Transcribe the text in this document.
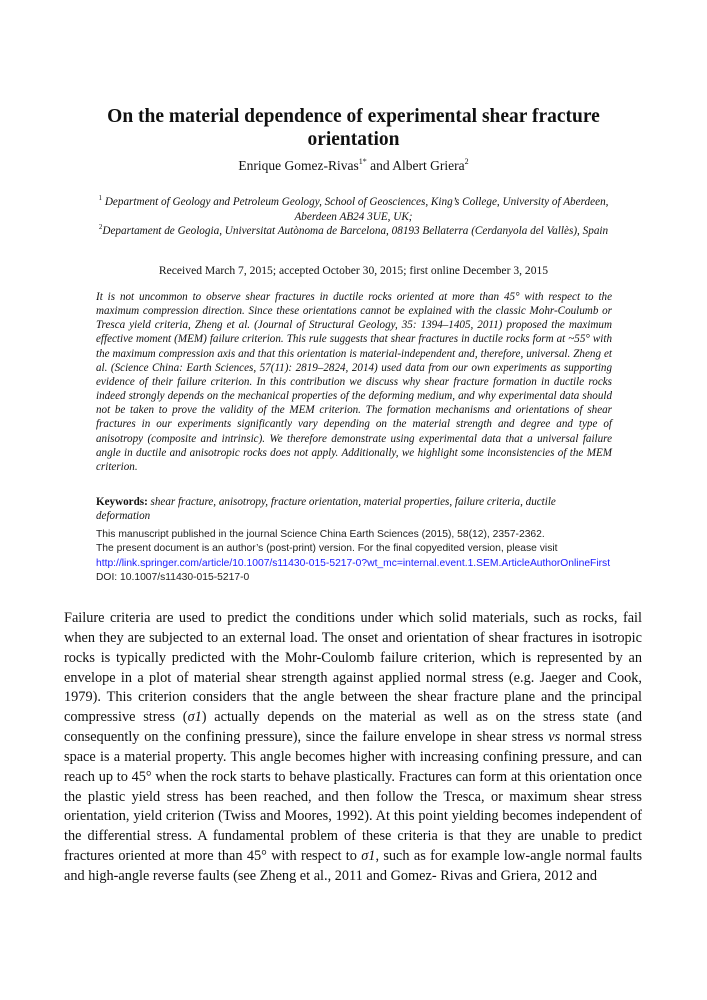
On the material dependence of experimental shear fracture orientation
Enrique Gomez-Rivas$^{1*}$ and Albert Griera$^2$
$^1$ Department of Geology and Petroleum Geology, School of Geosciences, King’s College, University of Aberdeen, Aberdeen AB24 3UE, UK;
$^2$Departament de Geologia, Universitat Autònoma de Barcelona, 08193 Bellaterra (Cerdanyola del Vallès), Spain
Received March 7, 2015; accepted October 30, 2015; first online December 3, 2015
It is not uncommon to observe shear fractures in ductile rocks oriented at more than 45° with respect to the maximum compression direction. Since these orientations cannot be explained with the classic Mohr-Coulumb or Tresca yield criteria, Zheng et al. (Journal of Structural Geology, 35: 1394–1405, 2011) proposed the maximum effective moment (MEM) failure criterion. This rule suggests that shear fractures in ductile rocks form at ~55° with the maximum compression axis and that this orientation is material-independent and, therefore, universal. Zheng et al. (Science China: Earth Sciences, 57(11): 2819–2824, 2014) used data from our own experiments as supporting evidence of their failure criterion. In this contribution we discuss why shear fracture formation in ductile rocks indeed strongly depends on the mechanical properties of the deforming medium, and why experimental data should not be taken to prove the validity of the MEM criterion. The formation mechanisms and orientations of shear fractures in our experiments significantly vary depending on the material strength and degree and type of anisotropy (composite and intrinsic). We therefore demonstrate using experimental data that a universal failure angle in ductile and anisotropic rocks does not apply. Additionally, we highlight some inconsistencies of the MEM criterion.
Keywords: shear fracture, anisotropy, fracture orientation, material properties, failure criteria, ductile deformation
This manuscript published in the journal Science China Earth Sciences (2015), 58(12), 2357-2362.
The present document is an author’s (post-print) version. For the final copyedited version, please visit
http://link.springer.com/article/10.1007/s11430-015-5217-0?wt_mc=internal.event.1.SEM.ArticleAuthorOnlineFirst
DOI: 10.1007/s11430-015-5217-0

Failure criteria are used to predict the conditions under which solid materials, such as rocks, fail when they are subjected to an external load. The onset and orientation of shear fractures in isotropic rocks is typically predicted with the Mohr-Coulomb failure criterion, which is represented by an envelope in a plot of material shear strength against applied normal stress (e.g. Jaeger and Cook, 1979). This criterion considers that the angle between the shear fracture plane and the principal compressive stress (σ1) actually depends on the material as well as on the stress state (and consequently on the confining pressure), since the failure envelope in shear stress vs normal stress space is a material property. This angle becomes higher with increasing confining pressure, and can reach up to 45° when the rock starts to behave plastically. Fractures can form at this orientation once the plastic yield stress has been reached, and then follow the Tresca, or maximum shear stress orientation, yield criterion (Twiss and Moores, 1992). At this point yielding becomes independent of the differential stress. A fundamental problem of these criteria is that they are unable to predict fractures oriented at more than 45° with respect to σ1, such as for example low-angle normal faults and high-angle reverse faults (see Zheng et al., 2011 and Gomez- Rivas and Griera, 2012 and
